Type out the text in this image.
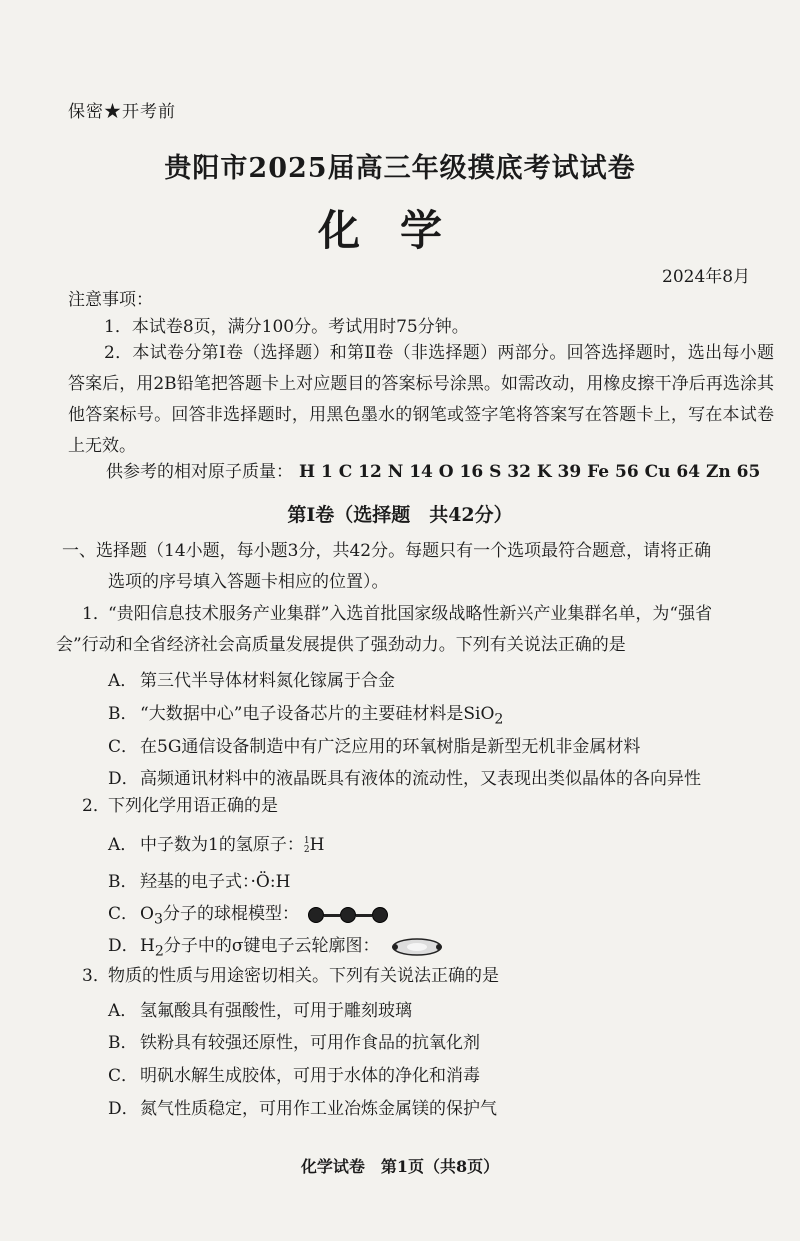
保密★开考前
贵阳市2025届高三年级摸底考试试卷
化学
2024年8月
注意事项：
1．本试卷8页，满分100分。考试用时75分钟。
2．本试卷分第Ⅰ卷（选择题）和第Ⅱ卷（非选择题）两部分。回答选择题时，选出每小题答案后，用2B铅笔把答题卡上对应题目的答案标号涂黑。如需改动，用橡皮擦干净后再选涂其他答案标号。回答非选择题时，用黑色墨水的钢笔或签字笔将答案写在答题卡上，写在本试卷上无效。
供参考的相对原子质量： H 1 C 12 N 14 O 16 S 32 K 39 Fe 56 Cu 64 Zn 65
第Ⅰ卷（选择题　共42分）
一、选择题（14小题，每小题3分，共42分。每题只有一个选项最符合题意，请将正确
选项的序号填入答题卡相应的位置）。
1．“贵阳信息技术服务产业集群”入选首批国家级战略性新兴产业集群名单，为“强省
会”行动和全省经济社会高质量发展提供了强劲动力。下列有关说法正确的是
A． 第三代半导体材料氮化镓属于合金
B． “大数据中心”电子设备芯片的主要硅材料是SiO$_2$
C． 在5G通信设备制造中有广泛应用的环氧树脂是新型无机非金属材料
D．高频通讯材料中的液晶既具有液体的流动性，又表现出类似晶体的各向异性
2．下列化学用语正确的是
A． 中子数为1的氢原子：1
2H
B． 羟基的电子式：·Ö:H
C． $O_3$分子的球棍模型：
D．$H_2$分子中的σ键电子云轮廓图：
3．物质的性质与用途密切相关。下列有关说法正确的是
A． 氢氟酸具有强酸性，可用于雕刻玻璃
B． 铁粉具有较强还原性，可用作食品的抗氧化剂
C． 明矾水解生成胶体，可用于水体的净化和消毒
D．氮气性质稳定，可用作工业冶炼金属镁的保护气
化学试卷　第1页（共8页）
